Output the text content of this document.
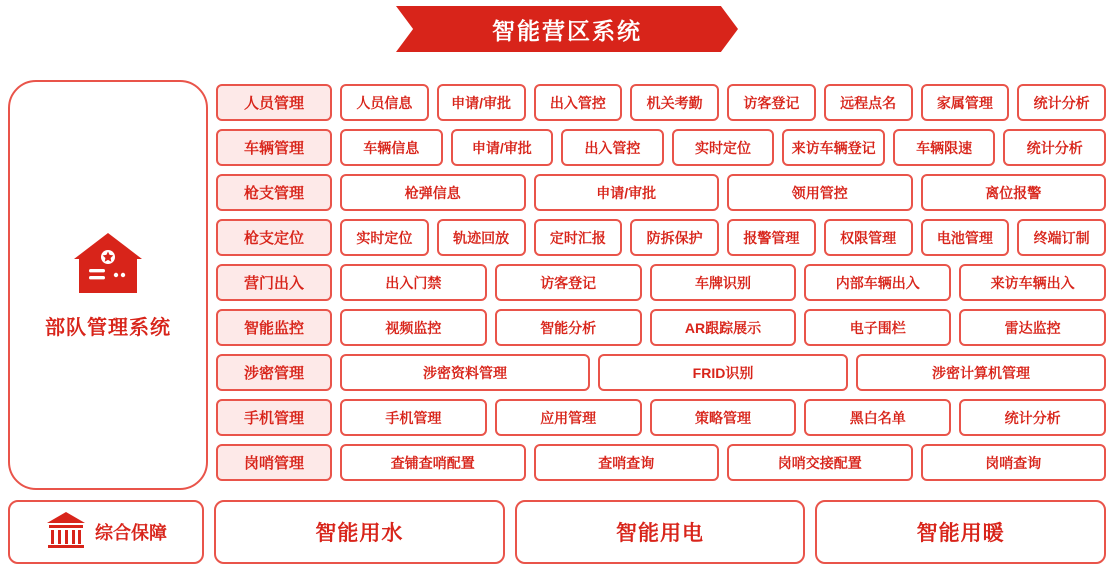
智能营区系统
部队管理系统
人员管理	人员信息	申请/审批	出入管控	机关考勤	访客登记	远程点名	家属管理	统计分析
车辆管理	车辆信息	申请/审批	出入管控	实时定位	来访车辆登记	车辆限速	统计分析
枪支管理	枪弹信息	申请/审批	领用管控	离位报警
枪支定位	实时定位	轨迹回放	定时汇报	防拆保护	报警管理	权限管理	电池管理	终端订制
营门出入	出入门禁	访客登记	车牌识别	内部车辆出入	来访车辆出入
智能监控	视频监控	智能分析	AR跟踪展示	电子围栏	雷达监控
涉密管理	涉密资料管理	FRID识别	涉密计算机管理
手机管理	手机管理	应用管理	策略管理	黑白名单	统计分析
岗哨管理	查铺查哨配置	查哨查询	岗哨交接配置	岗哨查询
综合保障	智能用水	智能用电	智能用暖
